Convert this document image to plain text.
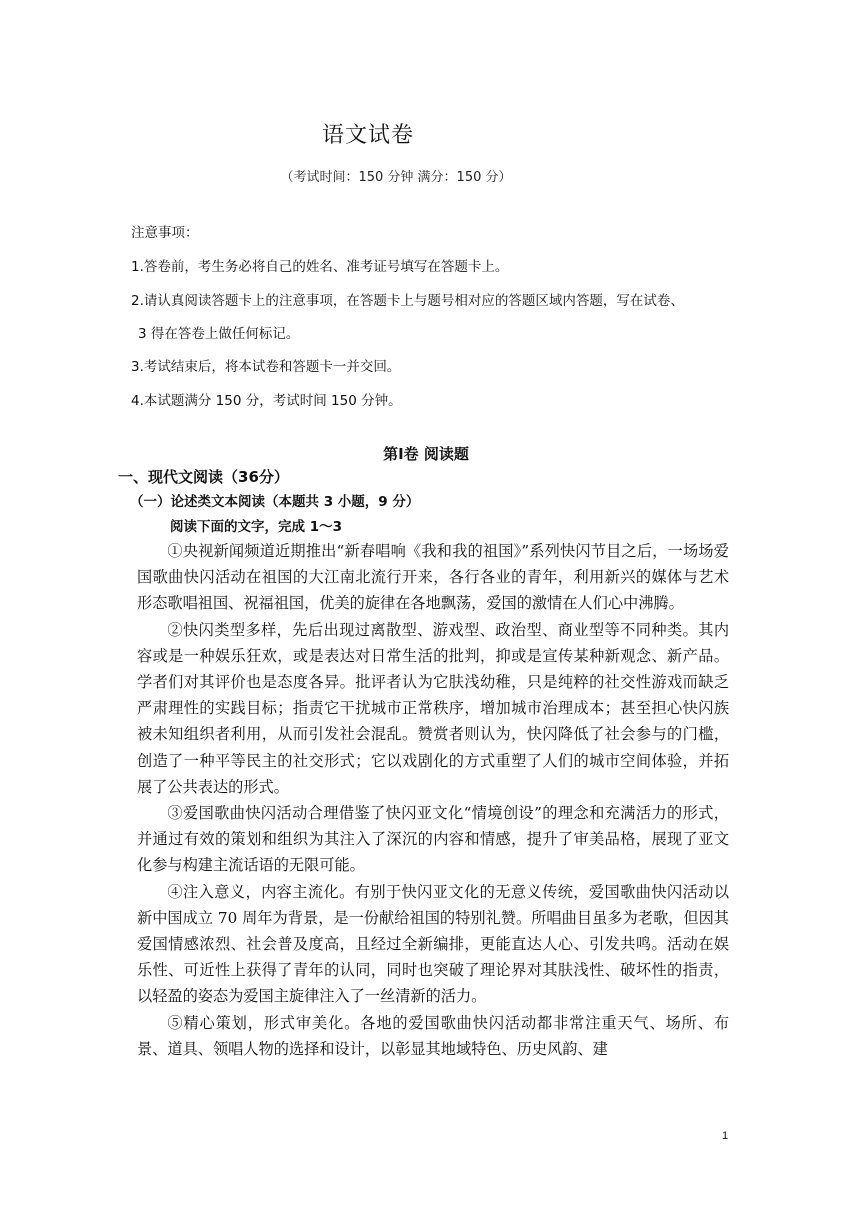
语文试卷
（考试时间：150 分钟 满分：150 分）
注意事项：
1.答卷前，考生务必将自己的姓名、准考证号填写在答题卡上。
2.请认真阅读答题卡上的注意事项，在答题卡上与题号相对应的答题区域内答题，写在试卷、
3 得在答卷上做任何标记。
3.考试结束后，将本试卷和答题卡一并交回。
4.本试题满分 150 分，考试时间 150 分钟。
第Ⅰ卷 阅读题
一、现代文阅读（36分）
（一）论述类文本阅读（本题共 3 小题，9 分）
阅读下面的文字，完成 1～3

①央视新闻频道近期推出“新春唱响《我和我的祖国》”系列快闪节目之后，一场场爱国歌曲快闪活动在祖国的大江南北流行开来，各行各业的青年，利用新兴的媒体与艺术形态歌唱祖国、祝福祖国，优美的旋律在各地飘荡，爱国的激情在人们心中沸腾。

②快闪类型多样，先后出现过离散型、游戏型、政治型、商业型等不同种类。其内容或是一种娱乐狂欢，或是表达对日常生活的批判，抑或是宣传某种新观念、新产品。学者们对其评价也是态度各异。批评者认为它肤浅幼稚，只是纯粹的社交性游戏而缺乏严肃理性的实践目标；指责它干扰城市正常秩序，增加城市治理成本；甚至担心快闪族被未知组织者利用，从而引发社会混乱。赞赏者则认为，快闪降低了社会参与的门槛，创造了一种平等民主的社交形式；它以戏剧化的方式重塑了人们的城市空间体验，并拓展了公共表达的形式。

③爱国歌曲快闪活动合理借鉴了快闪亚文化“情境创设”的理念和充满活力的形式，并通过有效的策划和组织为其注入了深沉的内容和情感，提升了审美品格，展现了亚文化参与构建主流话语的无限可能。

④注入意义，内容主流化。有别于快闪亚文化的无意义传统，爱国歌曲快闪活动以新中国成立 70 周年为背景，是一份献给祖国的特别礼赞。所唱曲目虽多为老歌，但因其爱国情感浓烈、社会普及度高，且经过全新编排，更能直达人心、引发共鸣。活动在娱乐性、可近性上获得了青年的认同，同时也突破了理论界对其肤浅性、破坏性的指责，以轻盈的姿态为爱国主旋律注入了一丝清新的活力。

⑤精心策划，形式审美化。各地的爱国歌曲快闪活动都非常注重天气、场所、布景、道具、领唱人物的选择和设计，以彰显其地域特色、历史风韵、建

1
